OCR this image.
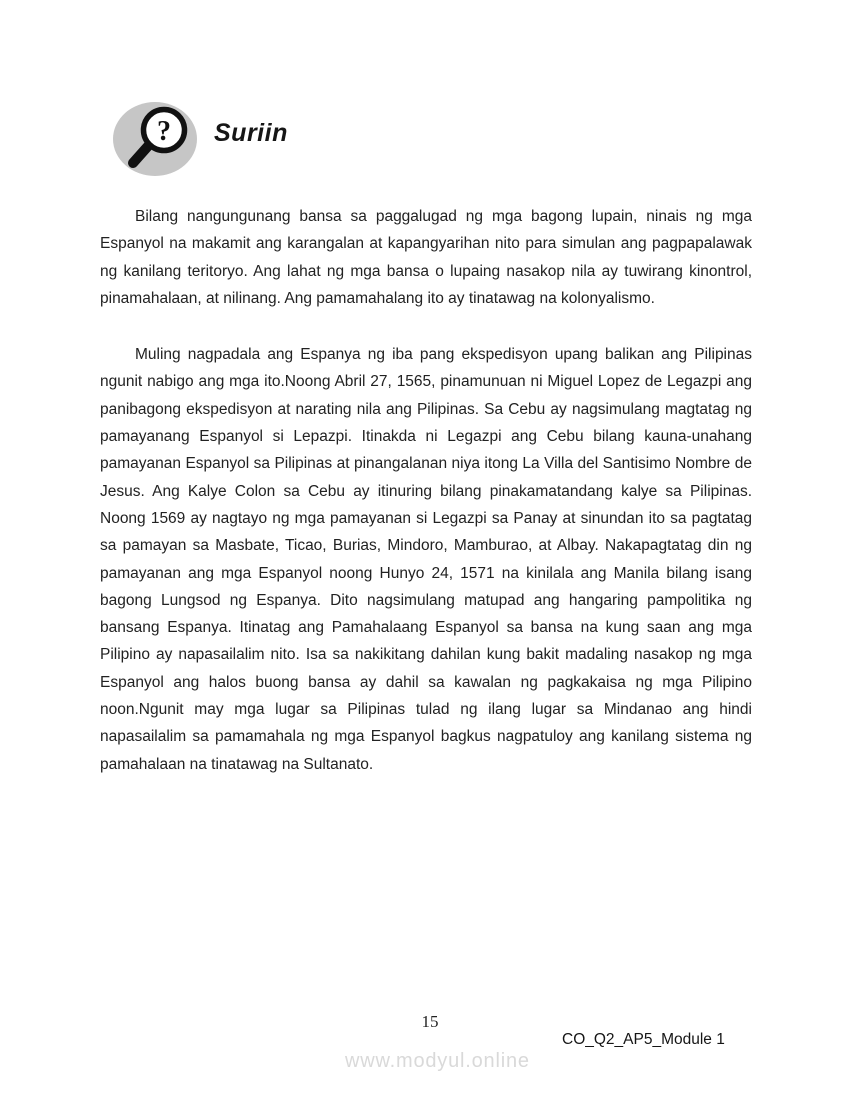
? Suriin

Bilang nangungunang bansa sa paggalugad ng mga bagong lupain, ninais ng mga Espanyol na makamit ang karangalan at kapangyarihan nito para simulan ang pagpapalawak ng kanilang teritoryo. Ang lahat ng mga bansa o lupaing nasakop nila ay tuwirang kinontrol, pinamahalaan, at nilinang. Ang pamamahalang ito ay tinatawag na kolonyalismo.

Muling nagpadala ang Espanya ng iba pang ekspedisyon upang balikan ang Pilipinas ngunit nabigo ang mga ito.Noong Abril 27, 1565, pinamunuan ni Miguel Lopez de Legazpi ang panibagong ekspedisyon at narating nila ang Pilipinas. Sa Cebu ay nagsimulang magtatag ng pamayanang Espanyol si Lepazpi. Itinakda ni Legazpi ang Cebu bilang kauna-unahang pamayanan Espanyol sa Pilipinas at pinangalanan niya itong La Villa del Santisimo Nombre de Jesus. Ang Kalye Colon sa Cebu ay itinuring bilang pinakamatandang kalye sa Pilipinas. Noong 1569 ay nagtayo ng mga pamayanan si Legazpi sa Panay at sinundan ito sa pagtatag sa pamayan sa Masbate, Ticao, Burias, Mindoro, Mamburao, at Albay. Nakapagtatag din ng pamayanan ang mga Espanyol noong Hunyo 24, 1571 na kinilala ang Manila bilang isang bagong Lungsod ng Espanya. Dito nagsimulang matupad ang hangaring pampolitika ng bansang Espanya. Itinatag ang Pamahalaang Espanyol sa bansa na kung saan ang mga Pilipino ay napasailalim nito. Isa sa nakikitang dahilan kung bakit madaling nasakop ng mga Espanyol ang halos buong bansa ay dahil sa kawalan ng pagkakaisa ng mga Pilipino noon.Ngunit may mga lugar sa Pilipinas tulad ng ilang lugar sa Mindanao ang hindi napasailalim sa pamamahala ng mga Espanyol bagkus nagpatuloy ang kanilang sistema ng pamahalaan na tinatawag na Sultanato.

15
CO_Q2_AP5_Module 1
www.modyul.online
